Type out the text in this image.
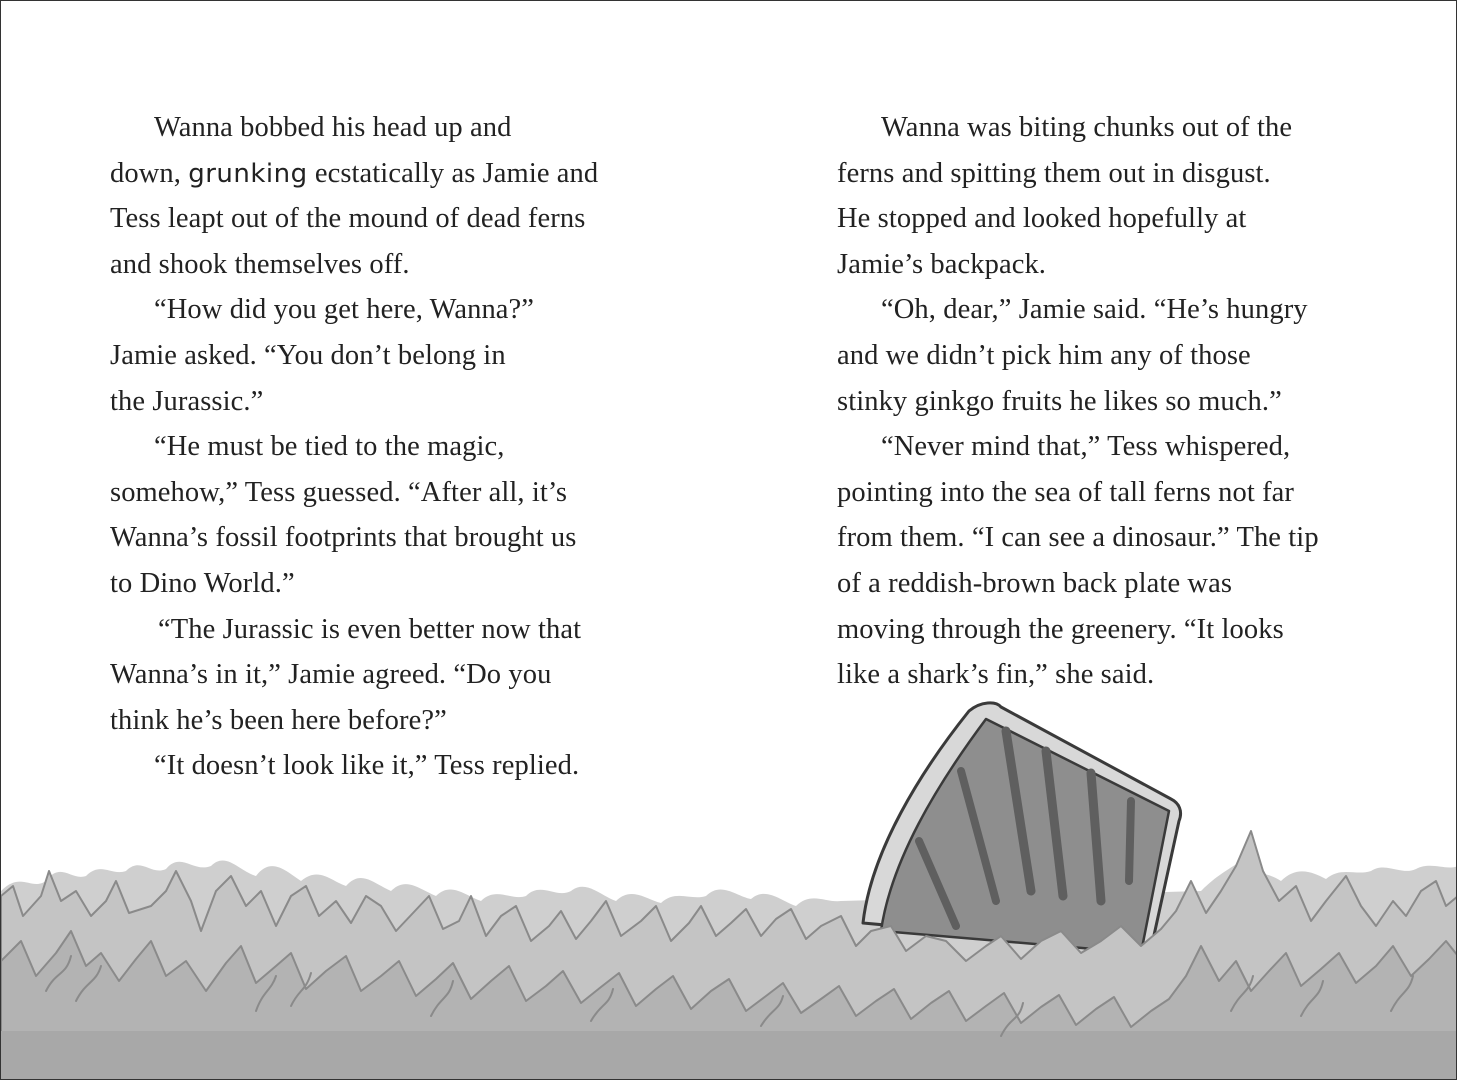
Wanna bobbed his head up and
down, grunking ecstatically as Jamie and
Tess leapt out of the mound of dead ferns
and shook themselves off.
“How did you get here, Wanna?”
Jamie asked. “You don’t belong in
the Jurassic.”
“He must be tied to the magic,
somehow,” Tess guessed. “After all, it’s
Wanna’s fossil footprints that brought us
to Dino World.”
“The Jurassic is even better now that
Wanna’s in it,” Jamie agreed. “Do you
think he’s been here before?”
“It doesn’t look like it,” Tess replied.
Wanna was biting chunks out of the
ferns and spitting them out in disgust.
He stopped and looked hopefully at
Jamie’s backpack.
“Oh, dear,” Jamie said. “He’s hungry
and we didn’t pick him any of those
stinky ginkgo fruits he likes so much.”
“Never mind that,” Tess whispered,
pointing into the sea of tall ferns not far
from them. “I can see a dinosaur.” The tip
of a reddish-brown back plate was
moving through the greenery. “It looks
like a shark’s fin,” she said.
